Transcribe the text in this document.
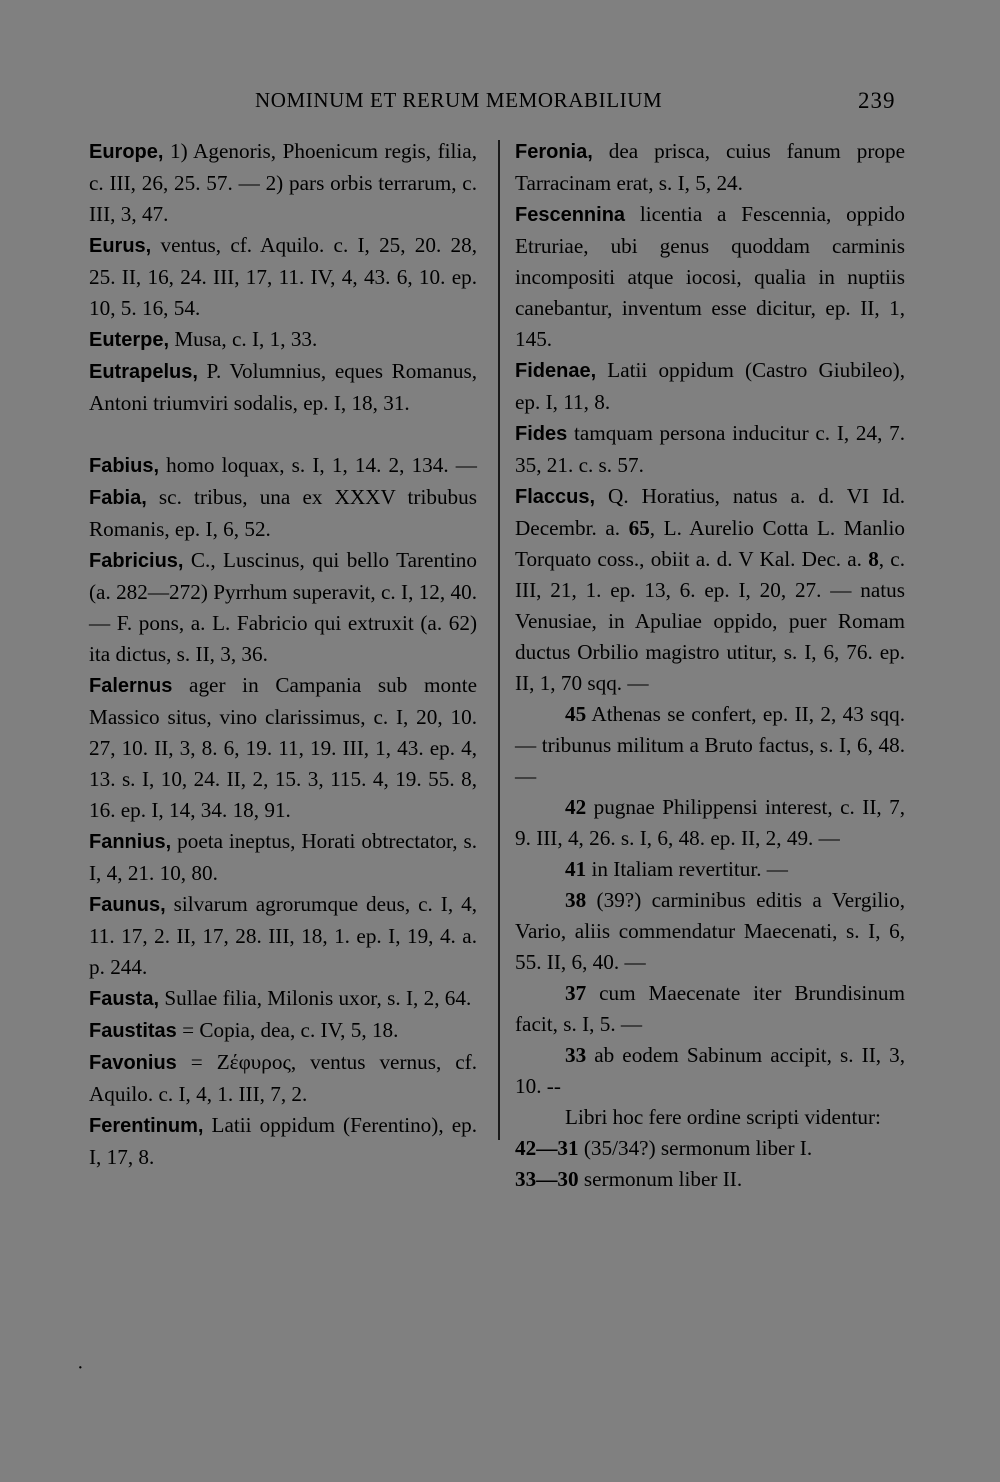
NOMINUM ET RERUM MEMORABILIUM	239
·
Europe, 1) Agenoris, Phoenicum regis, filia, c. III, 26, 25. 57. — 2) pars orbis terrarum, c. III, 3, 47.
Eurus, ventus, cf. Aquilo. c. I, 25, 20. 28, 25. II, 16, 24. III, 17, 11. IV, 4, 43. 6, 10. ep. 10, 5. 16, 54.
Euterpe, Musa, c. I, 1, 33.
Eutrapelus, P. Volumnius, eques Romanus, Antoni triumviri sodalis, ep. I, 18, 31.
Fabius, homo loquax, s. I, 1, 14. 2, 134. — Fabia, sc. tribus, una ex XXXV tribubus Romanis, ep. I, 6, 52.
Fabricius, C., Luscinus, qui bello Tarentino (a. 282—272) Pyrrhum superavit, c. I, 12, 40. — F. pons, a. L. Fabricio qui extruxit (a. 62) ita dictus, s. II, 3, 36.
Falernus ager in Campania sub monte Massico situs, vino clarissimus, c. I, 20, 10. 27, 10. II, 3, 8. 6, 19. 11, 19. III, 1, 43. ep. 4, 13. s. I, 10, 24. II, 2, 15. 3, 115. 4, 19. 55. 8, 16. ep. I, 14, 34. 18, 91.
Fannius, poeta ineptus, Horati obtrectator, s. I, 4, 21. 10, 80.
Faunus, silvarum agrorumque deus, c. I, 4, 11. 17, 2. II, 17, 28. III, 18, 1. ep. I, 19, 4. a. p. 244.
Fausta, Sullae filia, Milonis uxor, s. I, 2, 64.
Faustitas = Copia, dea, c. IV, 5, 18.
Favonius = Ζέφυρος, ventus vernus, cf. Aquilo. c. I, 4, 1. III, 7, 2.
Ferentinum, Latii oppidum (Ferentino), ep. I, 17, 8.
Feronia, dea prisca, cuius fanum prope Tarracinam erat, s. I, 5, 24.
Fescennina licentia a Fescennia, oppido Etruriae, ubi genus quoddam carminis incompositi atque iocosi, qualia in nuptiis canebantur, inventum esse dicitur, ep. II, 1, 145.
Fidenae, Latii oppidum (Castro Giubileo), ep. I, 11, 8.
Fides tamquam persona inducitur c. I, 24, 7. 35, 21. c. s. 57.
Flaccus, Q. Horatius, natus a. d. VI Id. Decembr. a. 65, L. Aurelio Cotta L. Manlio Torquato coss., obiit a. d. V Kal. Dec. a. 8, c. III, 21, 1. ep. 13, 6. ep. I, 20, 27. — natus Venusiae, in Apuliae oppido, puer Romam ductus Orbilio magistro utitur, s. I, 6, 76. ep. II, 1, 70 sqq. —
45 Athenas se confert, ep. II, 2, 43 sqq. — tribunus militum a Bruto factus, s. I, 6, 48. —
42 pugnae Philippensi interest, c. II, 7, 9. III, 4, 26. s. I, 6, 48. ep. II, 2, 49. —
41 in Italiam revertitur. —
38 (39?) carminibus editis a Vergilio, Vario, aliis commendatur Maecenati, s. I, 6, 55. II, 6, 40. —
37 cum Maecenate iter Brundisinum facit, s. I, 5. —
33 ab eodem Sabinum accipit, s. II, 3, 10. --
Libri hoc fere ordine scripti videntur:
42—31 (35/34?) sermonum liber I.
33—30 sermonum liber II.
